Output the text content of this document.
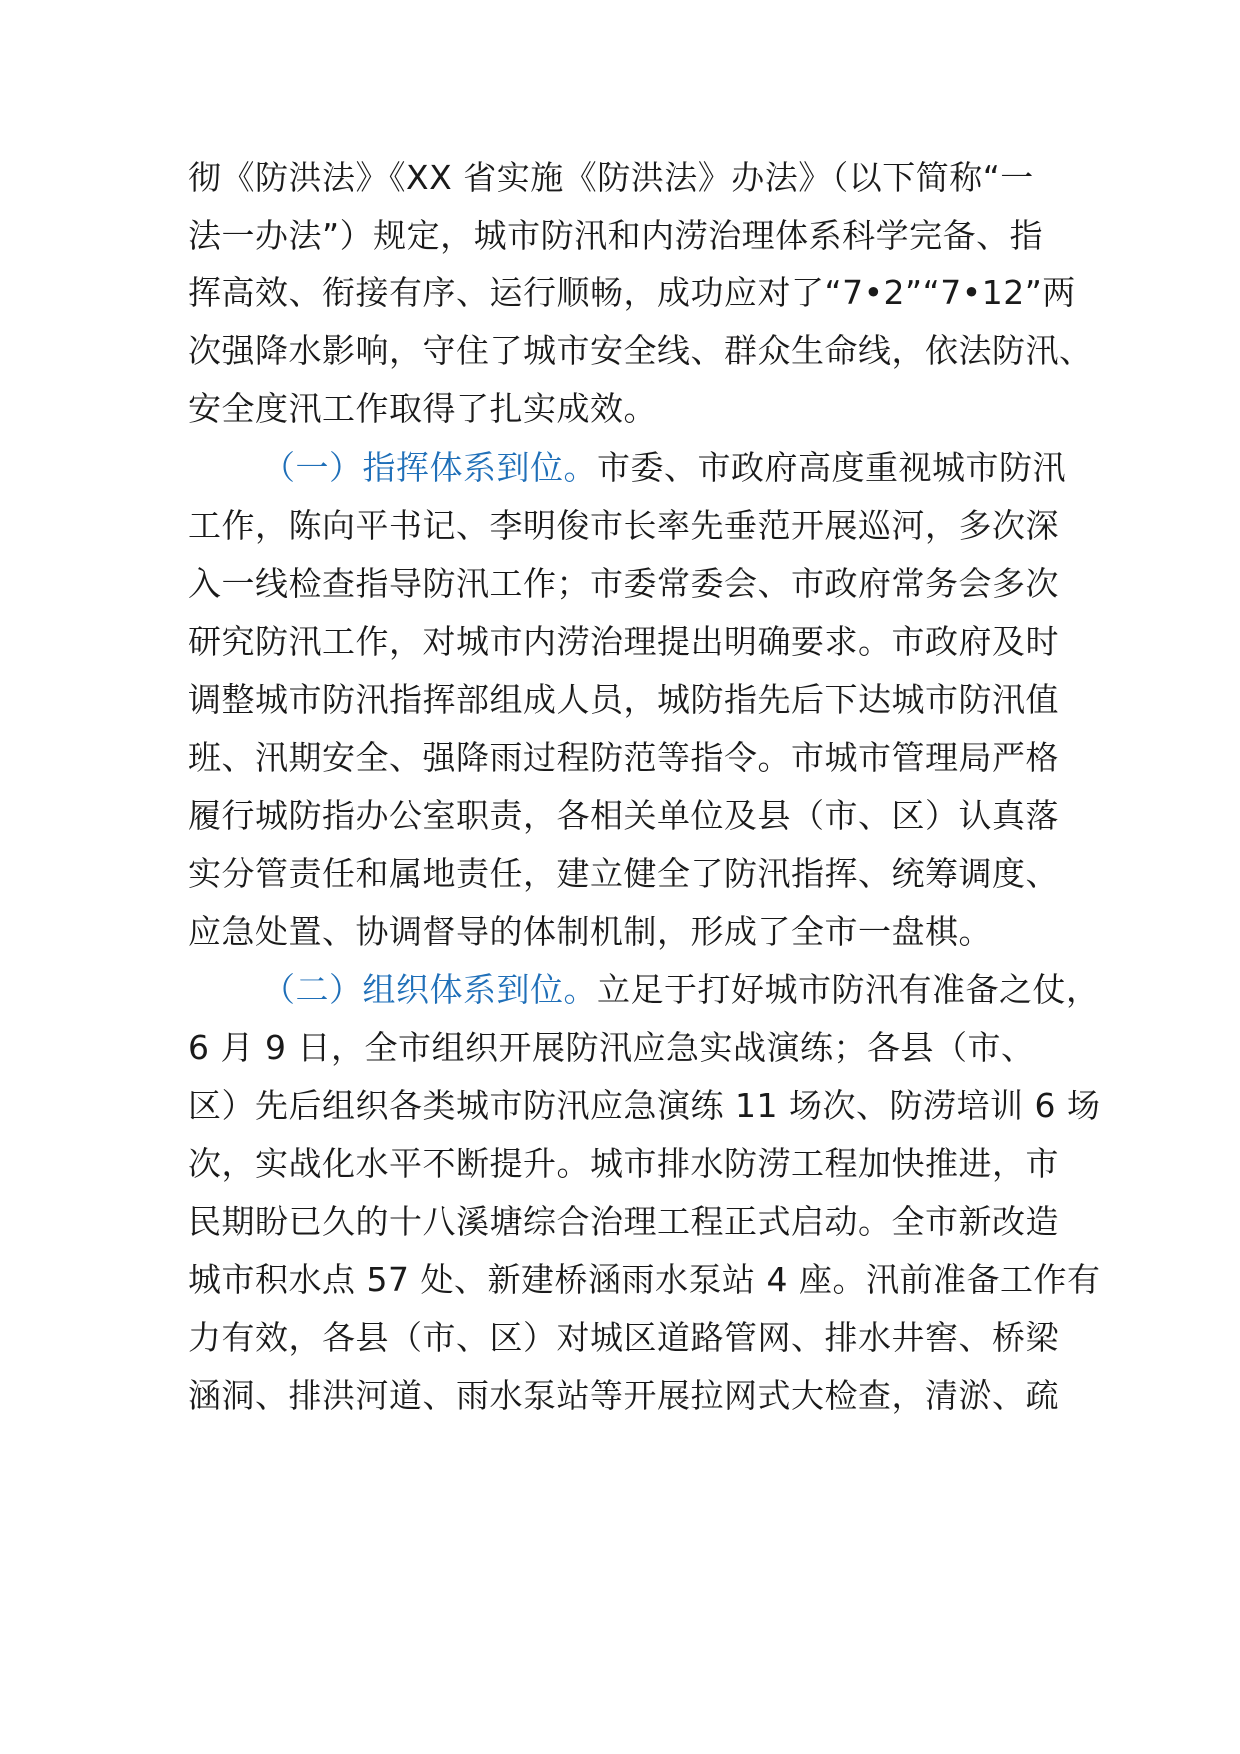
彻《防洪法》《XX 省实施《防洪法》办法》（以下简称“一
法一办法”）规定，城市防汛和内涝治理体系科学完备、指
挥高效、衔接有序、运行顺畅，成功应对了“7•2”“7•12”两
次强降水影响，守住了城市安全线、群众生命线，依法防汛、
安全度汛工作取得了扎实成效。
（一）指挥体系到位。市委、市政府高度重视城市防汛
工作，陈向平书记、李明俊市长率先垂范开展巡河，多次深
入一线检查指导防汛工作；市委常委会、市政府常务会多次
研究防汛工作，对城市内涝治理提出明确要求。市政府及时
调整城市防汛指挥部组成人员，城防指先后下达城市防汛值
班、汛期安全、强降雨过程防范等指令。市城市管理局严格
履行城防指办公室职责，各相关单位及县（市、区）认真落
实分管责任和属地责任，建立健全了防汛指挥、统筹调度、
应急处置、协调督导的体制机制，形成了全市一盘棋。
（二）组织体系到位。立足于打好城市防汛有准备之仗，
6 月 9 日，全市组织开展防汛应急实战演练；各县（市、
区）先后组织各类城市防汛应急演练 11 场次、防涝培训 6 场
次，实战化水平不断提升。城市排水防涝工程加快推进，市
民期盼已久的十八溪塘综合治理工程正式启动。全市新改造
城市积水点 57 处、新建桥涵雨水泵站 4 座。汛前准备工作有
力有效，各县（市、区）对城区道路管网、排水井窖、桥梁
涵洞、排洪河道、雨水泵站等开展拉网式大检查，清淤、疏
